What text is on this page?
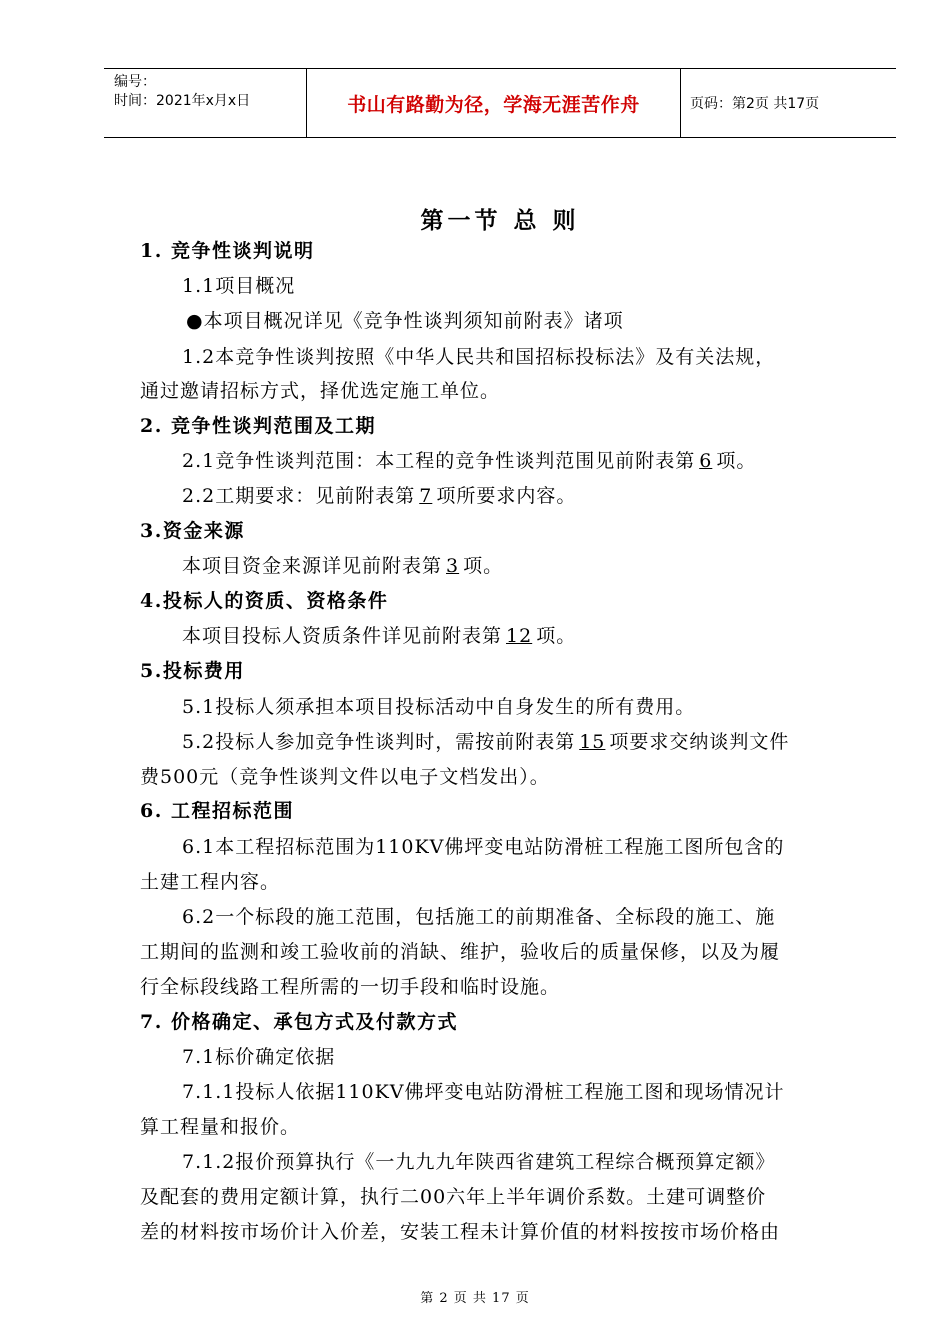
编号：
时间：2021年x月x日	书山有路勤为径，学海无涯苦作舟	页码：第2页 共17页
第一节 总 则
1. 竞争性谈判说明
1.1项目概况
●本项目概况详见《竞争性谈判须知前附表》诸项
1.2本竞争性谈判按照《中华人民共和国招标投标法》及有关法规，
通过邀请招标方式，择优选定施工单位。
2. 竞争性谈判范围及工期
2.1竞争性谈判范围：本工程的竞争性谈判范围见前附表第 6 项。
2.2工期要求：见前附表第 7 项所要求内容。
3.资金来源
本项目资金来源详见前附表第 3 项。
4.投标人的资质、资格条件
本项目投标人资质条件详见前附表第 12 项。
5.投标费用
5.1投标人须承担本项目投标活动中自身发生的所有费用。
5.2投标人参加竞争性谈判时，需按前附表第 15 项要求交纳谈判文件
费500元（竞争性谈判文件以电子文档发出）。
6. 工程招标范围
6.1本工程招标范围为110KV佛坪变电站防滑桩工程施工图所包含的
土建工程内容。
6.2一个标段的施工范围，包括施工的前期准备、全标段的施工、施
工期间的监测和竣工验收前的消缺、维护，验收后的质量保修，以及为履
行全标段线路工程所需的一切手段和临时设施。
7. 价格确定、承包方式及付款方式
7.1标价确定依据
7.1.1投标人依据110KV佛坪变电站防滑桩工程施工图和现场情况计
算工程量和报价。
7.1.2报价预算执行《一九九九年陕西省建筑工程综合概预算定额》
及配套的费用定额计算，执行二00六年上半年调价系数。土建可调整价
差的材料按市场价计入价差，安装工程未计算价值的材料按按市场价格由
第 2 页 共 17 页
